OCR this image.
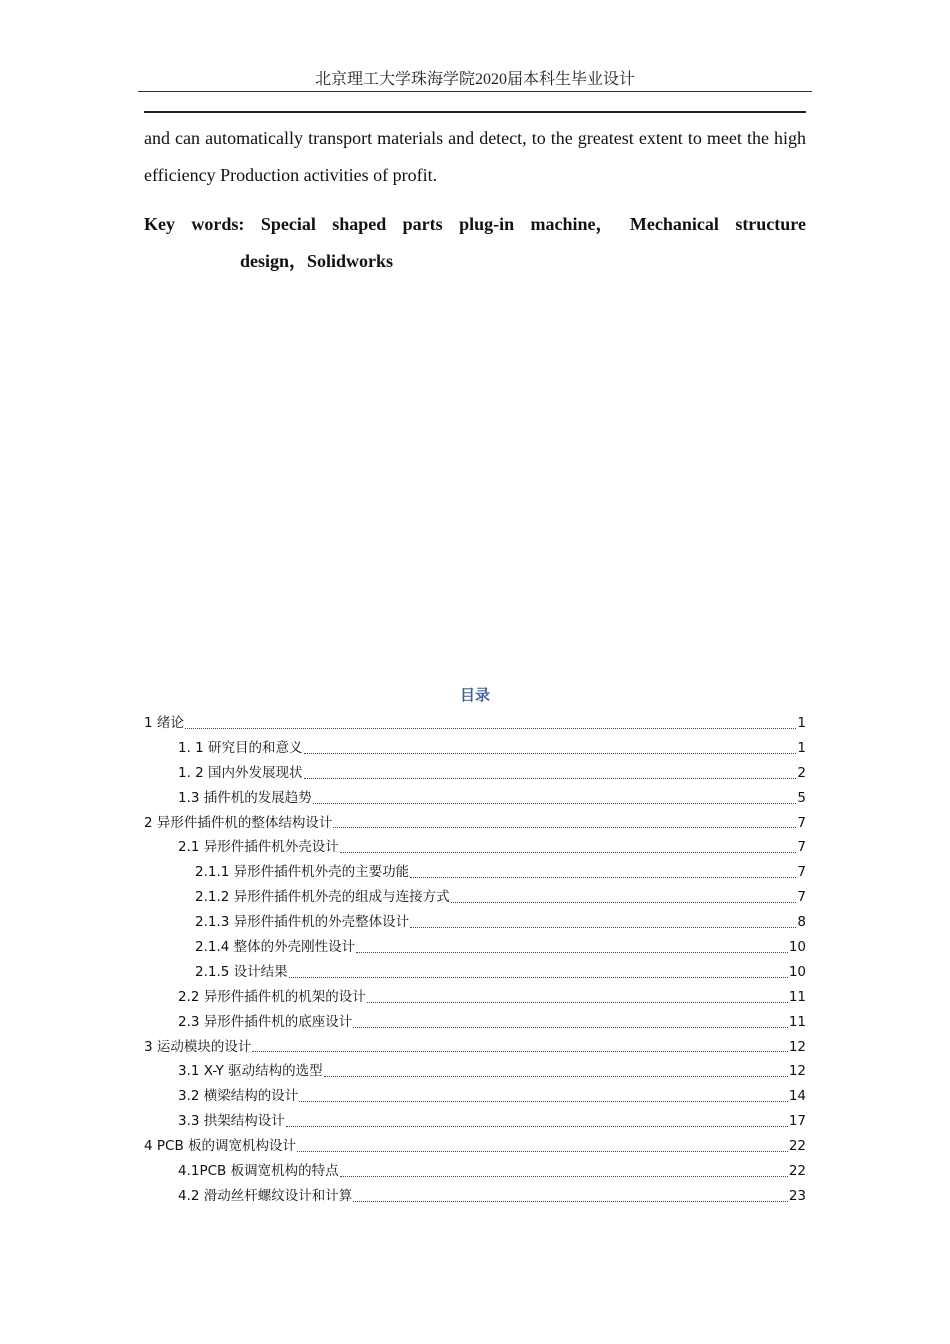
北京理工大学珠海学院2020届本科生毕业设计
and can automatically transport materials and detect, to the greatest extent to meet the high efficiency Production activities of profit.
Key words: Special shaped parts plug-in machine， Mechanical structure
design，Solidworks
目录
1 绪论	1
1. 1 研究目的和意义	1
1. 2 国内外发展现状	2
1.3 插件机的发展趋势	5
2 异形件插件机的整体结构设计	7
2.1 异形件插件机外壳设计	7
2.1.1 异形件插件机外壳的主要功能	7
2.1.2 异形件插件机外壳的组成与连接方式	7
2.1.3 异形件插件机的外壳整体设计	8
2.1.4 整体的外壳刚性设计	10
2.1.5 设计结果	10
2.2 异形件插件机的机架的设计	11
2.3 异形件插件机的底座设计	11
3 运动模块的设计	12
3.1 X-Y 驱动结构的选型	12
3.2 横梁结构的设计	14
3.3 拱架结构设计	17
4 PCB 板的调宽机构设计	22
4.1PCB 板调宽机构的特点	22
4.2 滑动丝杆螺纹设计和计算	23
